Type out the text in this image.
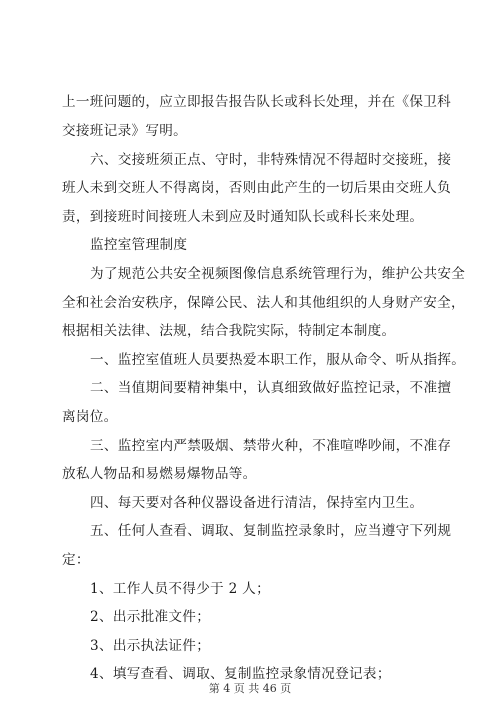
上一班问题的，应立即报告报告队长或科长处理，并在《保卫科
交接班记录》写明。
六、交接班须正点、守时，非特殊情况不得超时交接班，接
班人未到交班人不得离岗，否则由此产生的一切后果由交班人负
责，到接班时间接班人未到应及时通知队长或科长来处理。
监控室管理制度
为了规范公共安全视频图像信息系统管理行为，维护公共安全
全和社会治安秩序，保障公民、法人和其他组织的人身财产安全，
根据相关法律、法规，结合我院实际，特制定本制度。
一、监控室值班人员要热爱本职工作，服从命令、听从指挥。
二、当值期间要精神集中，认真细致做好监控记录，不准擅
离岗位。
三、监控室内严禁吸烟、禁带火种，不准喧哗吵闹，不准存
放私人物品和易燃易爆物品等。
四、每天要对各种仪器设备进行清洁，保持室内卫生。
五、任何人查看、调取、复制监控录象时，应当遵守下列规
定：
1、工作人员不得少于 2 人；
2、出示批准文件；
3、出示执法证件；
4、填写查看、调取、复制监控录象情况登记表；
第 4 页 共 46 页
